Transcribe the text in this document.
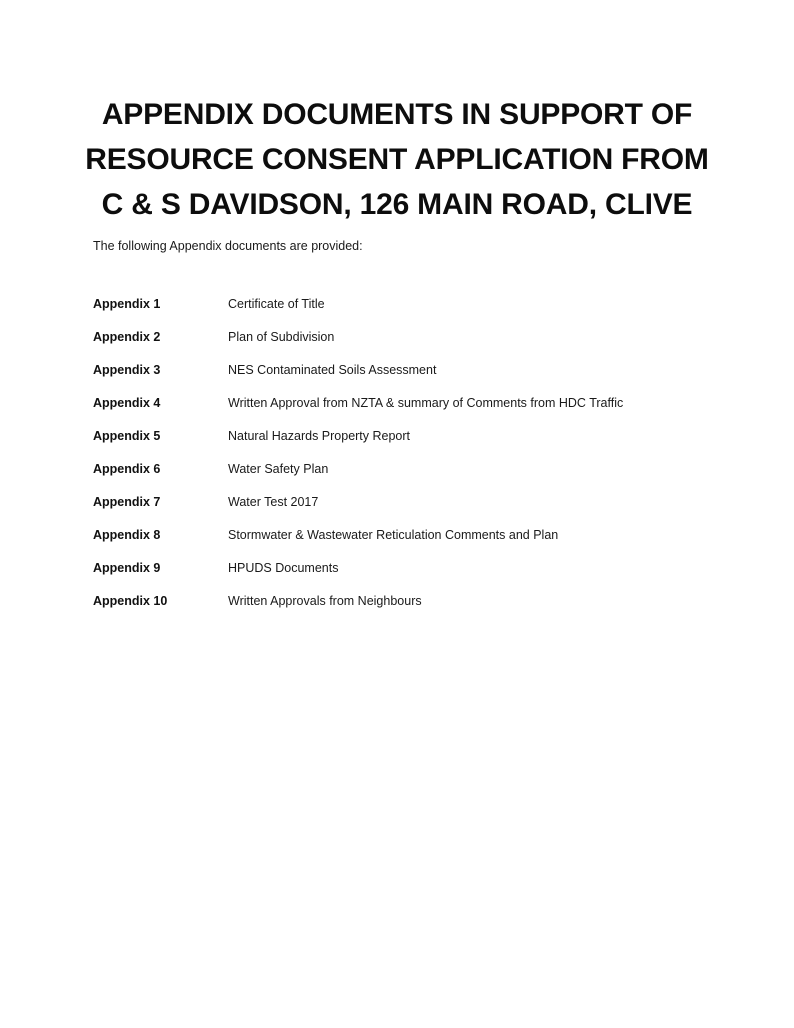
APPENDIX DOCUMENTS IN SUPPORT OF
RESOURCE CONSENT APPLICATION FROM
C & S DAVIDSON, 126 MAIN ROAD, CLIVE
The following Appendix documents are provided:
Appendix 1	Certificate of Title
Appendix 2	Plan of Subdivision
Appendix 3	NES Contaminated Soils Assessment
Appendix 4	Written Approval from NZTA & summary of Comments from HDC Traffic
Appendix 5	Natural Hazards Property Report
Appendix 6	Water Safety Plan
Appendix 7	Water Test 2017
Appendix 8	Stormwater & Wastewater Reticulation Comments and Plan
Appendix 9	HPUDS Documents
Appendix 10	Written Approvals from Neighbours
